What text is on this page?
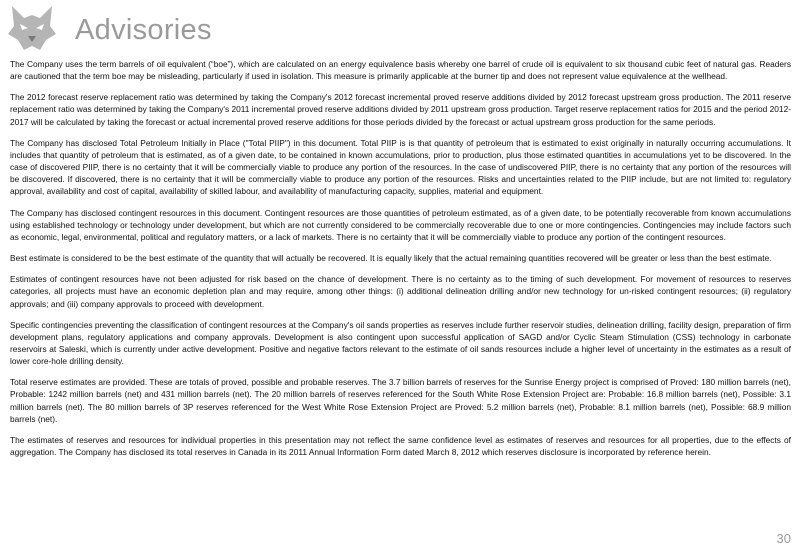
Advisories

The Company uses the term barrels of oil equivalent (“boe”), which are calculated on an energy equivalence basis whereby one barrel of crude oil is equivalent to six thousand cubic feet of natural gas. Readers are cautioned that the term boe may be misleading, particularly if used in isolation. This measure is primarily applicable at the burner tip and does not represent value equivalence at the wellhead.

The 2012 forecast reserve replacement ratio was determined by taking the Company's 2012 forecast incremental proved reserve additions divided by 2012 forecast upstream gross production. The 2011 reserve replacement ratio was determined by taking the Company's 2011 incremental proved reserve additions divided by 2011 upstream gross production. Target reserve replacement ratios for 2015 and the period 2012-2017 will be calculated by taking the forecast or actual incremental proved reserve additions for those periods divided by the forecast or actual upstream gross production for the same periods.

The Company has disclosed Total Petroleum Initially in Place ("Total PIIP") in this document. Total PIIP is is that quantity of petroleum that is estimated to exist originally in naturally occurring accumulations. It includes that quantity of petroleum that is estimated, as of a given date, to be contained in known accumulations, prior to production, plus those estimated quantities in accumulations yet to be discovered. In the case of discovered PIIP, there is no certainty that it will be commercially viable to produce any portion of the resources. In the case of undiscovered PIIP, there is no certainty that any portion of the resources will be discovered. If discovered, there is no certainty that it will be commercially viable to produce any portion of the resources. Risks and uncertainties related to the PIIP include, but are not limited to: regulatory approval, availability and cost of capital, availability of skilled labour, and availability of manufacturing capacity, supplies, material and equipment.

The Company has disclosed contingent resources in this document. Contingent resources are those quantities of petroleum estimated, as of a given date, to be potentially recoverable from known accumulations using established technology or technology under development, but which are not currently considered to be commercially recoverable due to one or more contingencies. Contingencies may include factors such as economic, legal, environmental, political and regulatory matters, or a lack of markets. There is no certainty that it will be commercially viable to produce any portion of the contingent resources.

Best estimate is considered to be the best estimate of the quantity that will actually be recovered. It is equally likely that the actual remaining quantities recovered will be greater or less than the best estimate.

Estimates of contingent resources have not been adjusted for risk based on the chance of development. There is no certainty as to the timing of such development. For movement of resources to reserves categories, all projects must have an economic depletion plan and may require, among other things: (i) additional delineation drilling and/or new technology for un-risked contingent resources; (ii) regulatory approvals; and (iii) company approvals to proceed with development.

Specific contingencies preventing the classification of contingent resources at the Company's oil sands properties as reserves include further reservoir studies, delineation drilling, facility design, preparation of firm development plans, regulatory applications and company approvals. Development is also contingent upon successful application of SAGD and/or Cyclic Steam Stimulation (CSS) technology in carbonate reservoirs at Saleski, which is currently under active development. Positive and negative factors relevant to the estimate of oil sands resources include a higher level of uncertainty in the estimates as a result of lower core-hole drilling density.

Total reserve estimates are provided. These are totals of proved, possible and probable reserves. The 3.7 billion barrels of reserves for the Sunrise Energy project is comprised of Proved: 180 million barrels (net), Probable: 1242 million barrels (net) and 431 million barrels (net). The 20 million barrels of reserves referenced for the South White Rose Extension Project are: Probable: 16.8 million barrels (net), Possible: 3.1 million barrels (net). The 80 million barrels of 3P reserves referenced for the West White Rose Extension Project are Proved: 5.2 million barrels (net), Probable: 8.1 million barrels (net), Possible: 68.9 million barrels (net).

The estimates of reserves and resources for individual properties in this presentation may not reflect the same confidence level as estimates of reserves and resources for all properties, due to the effects of aggregation. The Company has disclosed its total reserves in Canada in its 2011 Annual Information Form dated March 8, 2012 which reserves disclosure is incorporated by reference herein.

30
